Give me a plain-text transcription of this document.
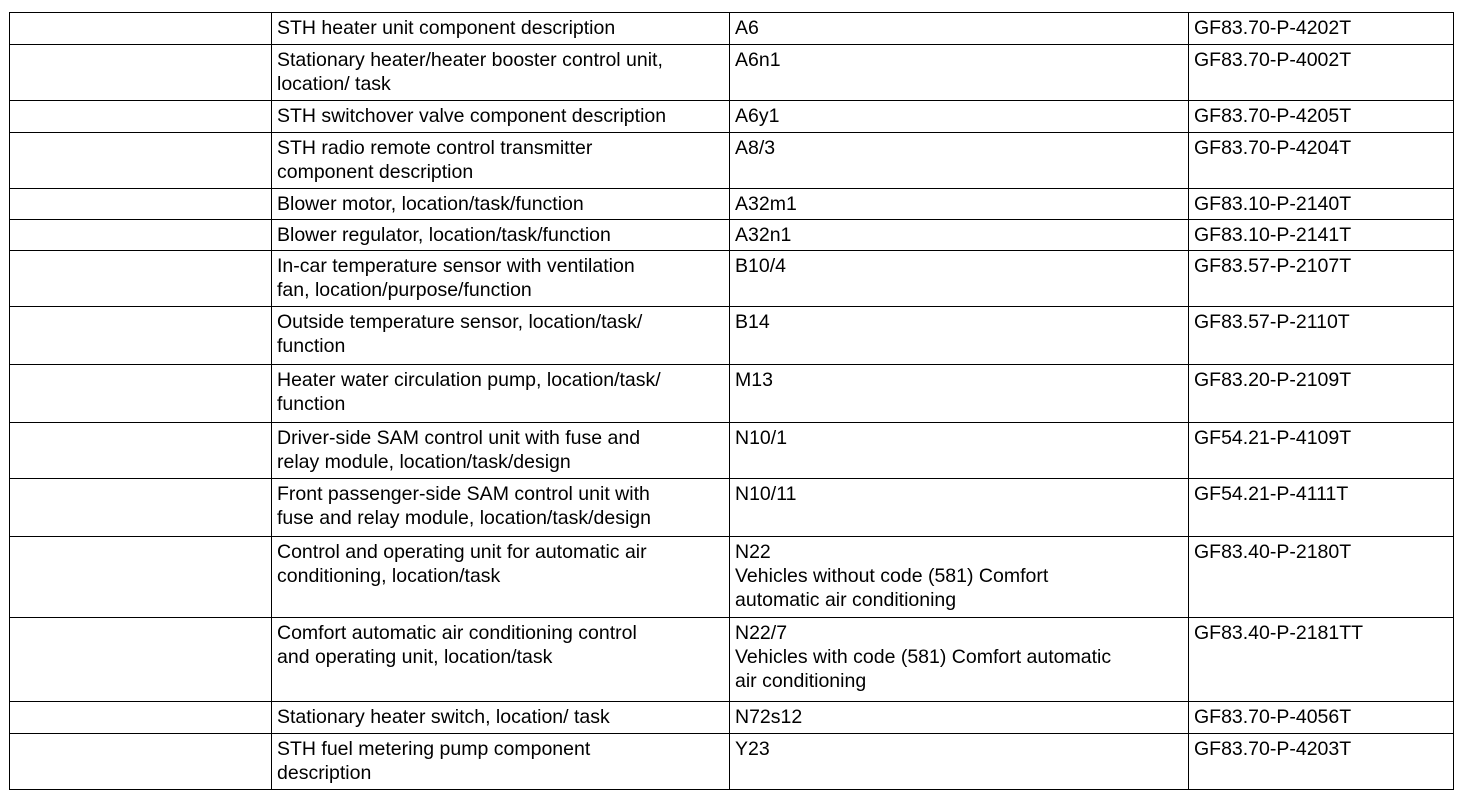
	STH heater unit component description	A6	GF83.70-P-4202T
	Stationary heater/heater booster control unit,
location/ task	A6n1	GF83.70-P-4002T
	STH switchover valve component description	A6y1	GF83.70-P-4205T
	STH radio remote control transmitter
component description	A8/3	GF83.70-P-4204T
	Blower motor, location/task/function	A32m1	GF83.10-P-2140T
	Blower regulator, location/task/function	A32n1	GF83.10-P-2141T
	In-car temperature sensor with ventilation
fan, location/purpose/function	B10/4	GF83.57-P-2107T
	Outside temperature sensor, location/task/
function	B14	GF83.57-P-2110T
	Heater water circulation pump, location/task/
function	M13	GF83.20-P-2109T
	Driver-side SAM control unit with fuse and
relay module, location/task/design	N10/1	GF54.21-P-4109T
	Front passenger-side SAM control unit with
fuse and relay module, location/task/design	N10/11	GF54.21-P-4111T
	Control and operating unit for automatic air
conditioning, location/task	N22
Vehicles without code (581) Comfort
automatic air conditioning	GF83.40-P-2180T
	Comfort automatic air conditioning control
and operating unit, location/task	N22/7
Vehicles with code (581) Comfort automatic
air conditioning	GF83.40-P-2181TT
	Stationary heater switch, location/ task	N72s12	GF83.70-P-4056T
	STH fuel metering pump component
description	Y23	GF83.70-P-4203T
